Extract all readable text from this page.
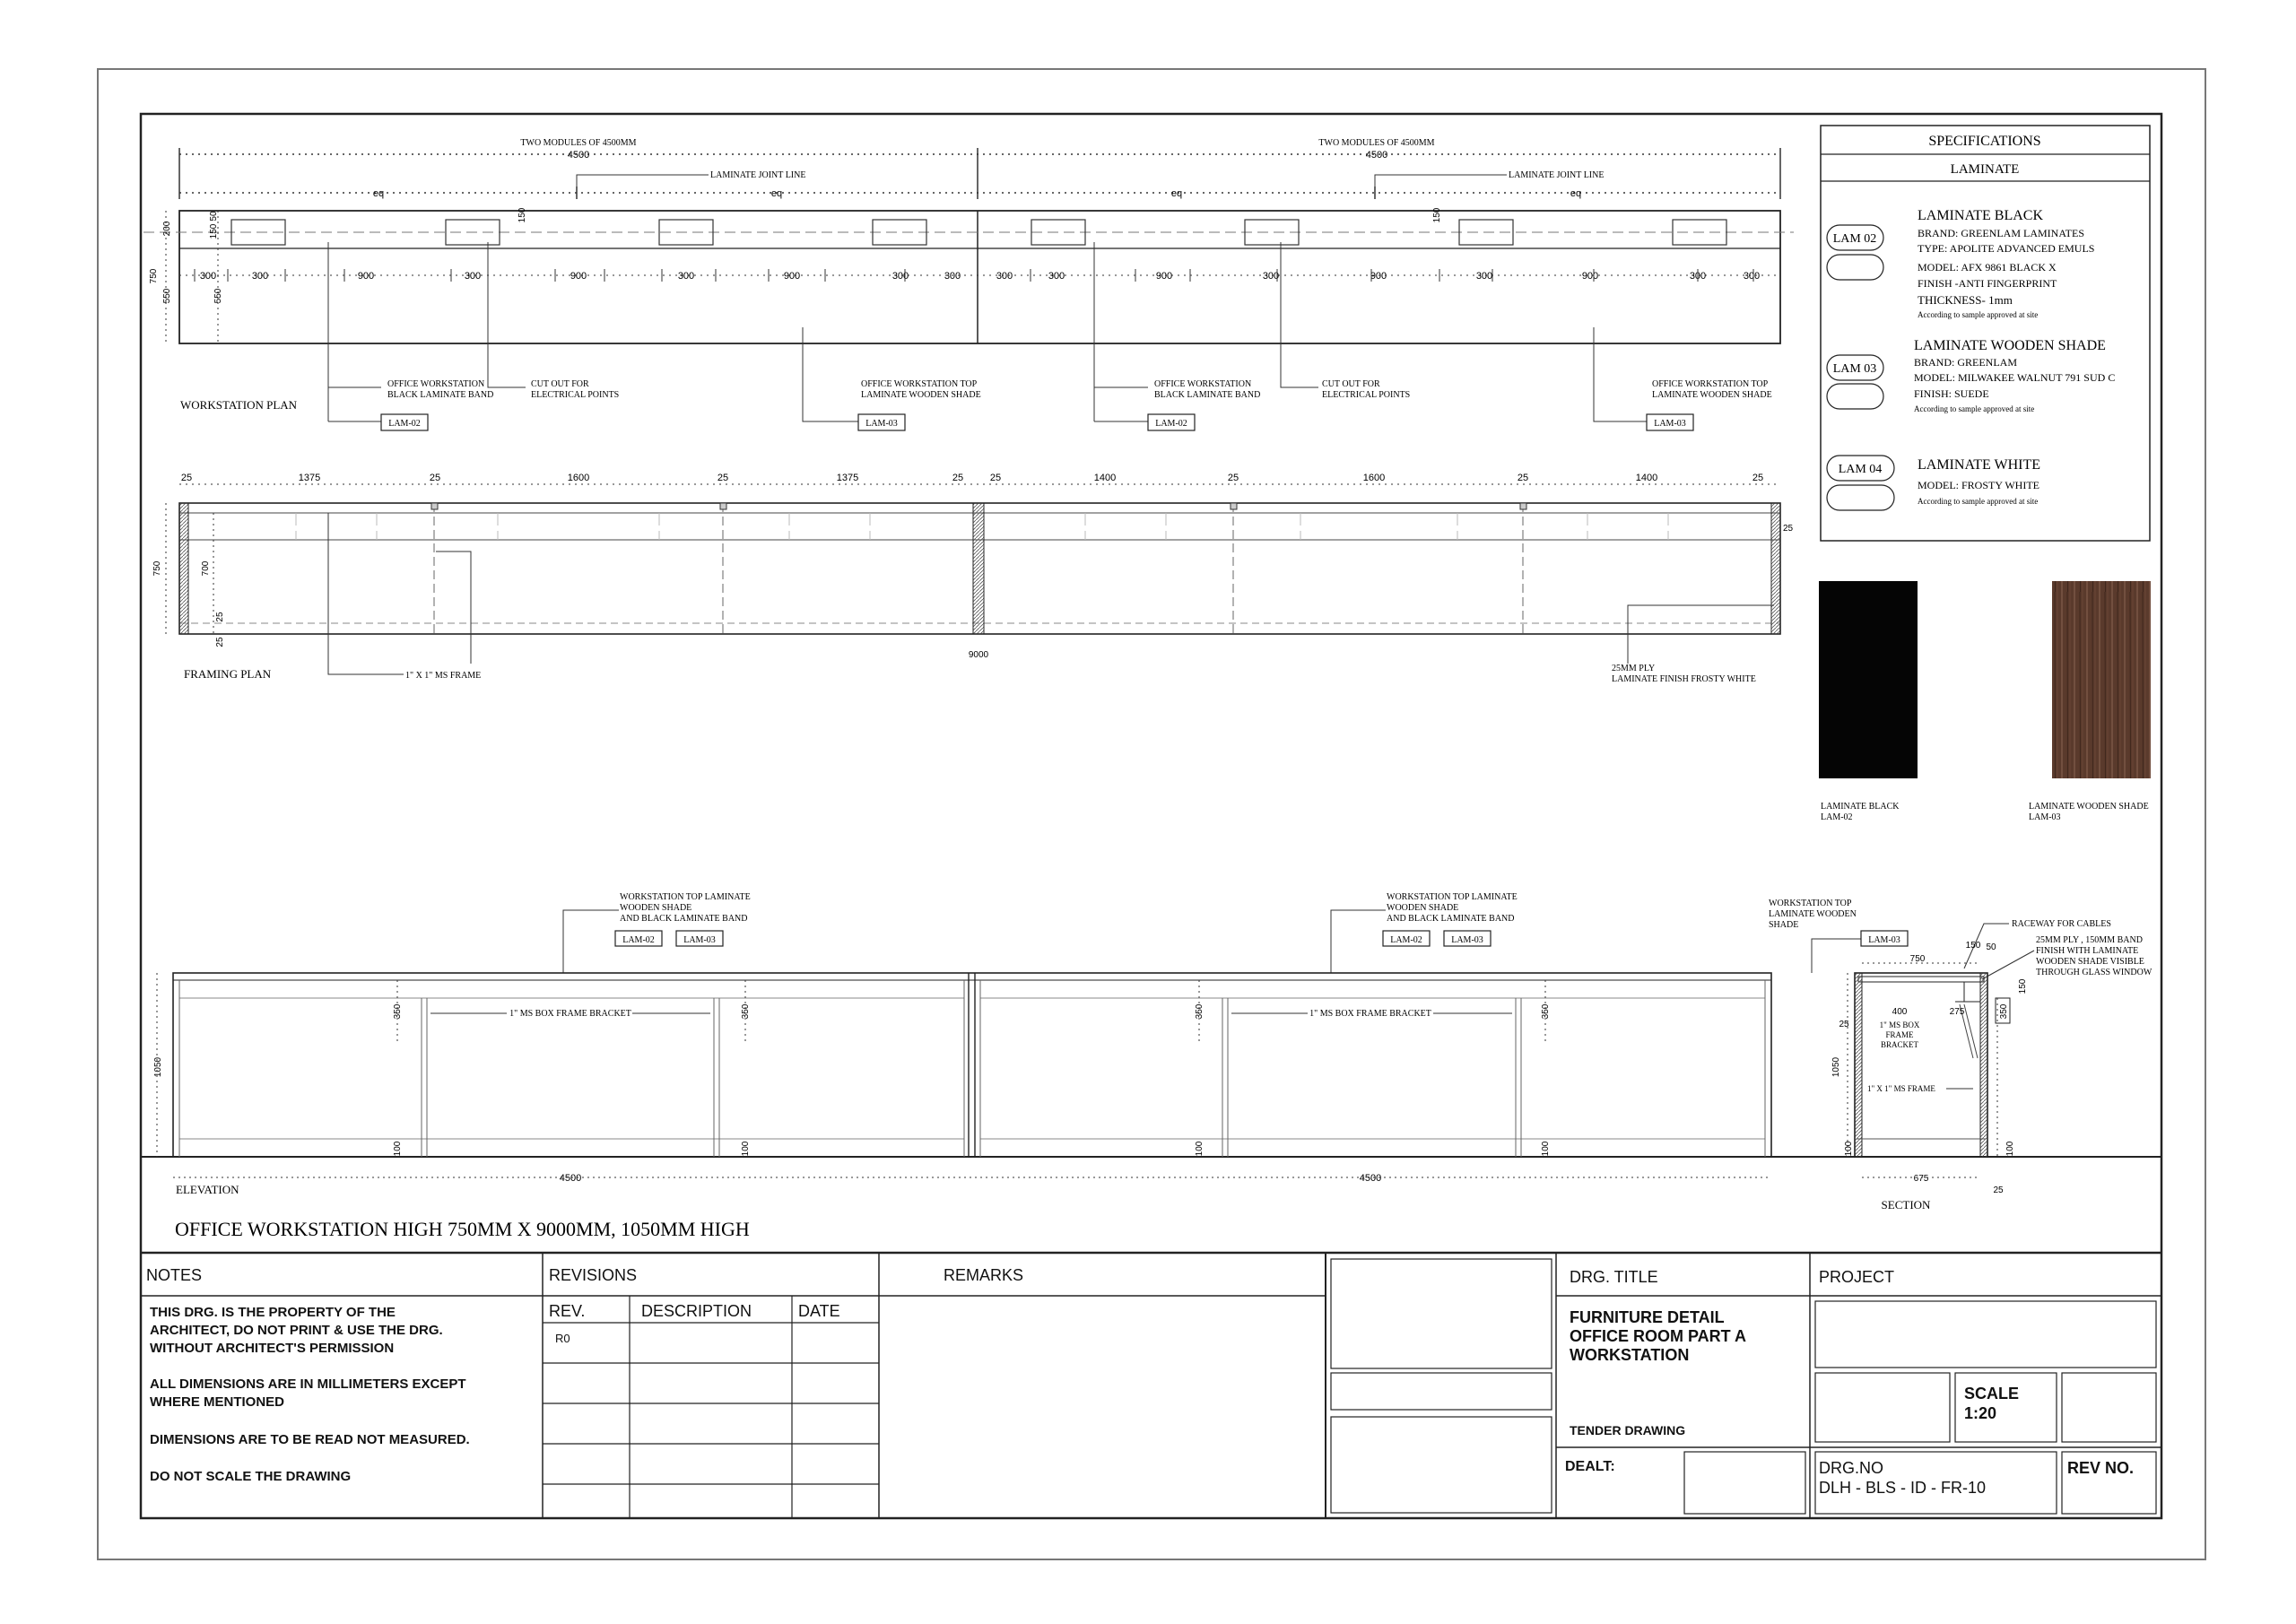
TWO MODULES OF 4500MM	TWO MODULES OF 4500MM
4500	4500
eq	eq	eq	eq
LAMINATE JOINT LINE	LAMINATE JOINT LINE
50
150
200
150
750
550	550
150
300	300	900	300	900	300	900	300	300	300	300	900	300	900	300	900	300	300
OFFICE WORKSTATION BLACK LAMINATE BAND
CUT OUT FOR ELECTRICAL POINTS
OFFICE WORKSTATION TOP LAMINATE WOODEN SHADE
OFFICE WORKSTATION BLACK LAMINATE BAND
CUT OUT FOR ELECTRICAL POINTS
OFFICE WORKSTATION TOP LAMINATE WOODEN SHADE
LAM-02	LAM-03	LAM-02	LAM-03
WORKSTATION PLAN
25	1375	25	1600	25	1375	25	25	1400	25	1600	25	1400	25
750	700
25
25
25
9000
1" X 1" MS FRAME
25MM PLY LAMINATE FINISH FROSTY WHITE
FRAMING PLAN
SPECIFICATIONS
LAMINATE
LAM 02
LAMINATE BLACK
BRAND: GREENLAM LAMINATES
TYPE: APOLITE ADVANCED EMULS
MODEL: AFX 9861 BLACK X
FINISH -ANTI FINGERPRINT
THICKNESS- 1mm
According to sample approved at site
LAM 03
LAMINATE WOODEN SHADE
BRAND: GREENLAM
MODEL: MILWAKEE WALNUT 791 SUD C
FINISH: SUEDE
According to sample approved at site
LAM 04 LAMINATE WHITE
MODEL: FROSTY WHITE
According to sample approved at site
LAMINATE BLACK LAM-02
LAMINATE WOODEN SHADE LAM-03
WORKSTATION TOP LAMINATE WOODEN SHADE AND BLACK LAMINATE BAND
WORKSTATION TOP LAMINATE WOODEN SHADE AND BLACK LAMINATE BAND
LAM-02	LAM-03	LAM-02	LAM-03
1" MS BOX FRAME BRACKET	1" MS BOX FRAME BRACKET
350	350	350	350
100	100	100	100
1050
4500	4500
ELEVATION
WORKSTATION TOP LAMINATE WOODEN SHADE
LAM-03
RACEWAY FOR CABLES
25MM PLY , 150MM BAND FINISH WITH LAMINATE WOODEN SHADE VISIBLE THROUGH GLASS WINDOW
750
150 50
150
400	275
25
1050
350
100	100
675
25
1" MS BOX FRAME BRACKET
1" X 1" MS FRAME
SECTION
OFFICE WORKSTATION HIGH 750MM X 9000MM, 1050MM HIGH
NOTES
THIS DRG. IS THE PROPERTY OF THE ARCHITECT, DO NOT PRINT & USE THE DRG. WITHOUT ARCHITECT'S PERMISSION
ALL DIMENSIONS ARE IN MILLIMETERS EXCEPT WHERE MENTIONED
DIMENSIONS ARE TO BE READ NOT MEASURED.
DO NOT SCALE THE DRAWING
REVISIONS
REV.	DESCRIPTION	DATE
R0
REMARKS	DRG. TITLE
FURNITURE DETAIL OFFICE ROOM PART A WORKSTATION
TENDER DRAWING
DEALT:
PROJECT
SCALE
1:20
DRG.NO
DLH - BLS - ID - FR-10
REV NO.
